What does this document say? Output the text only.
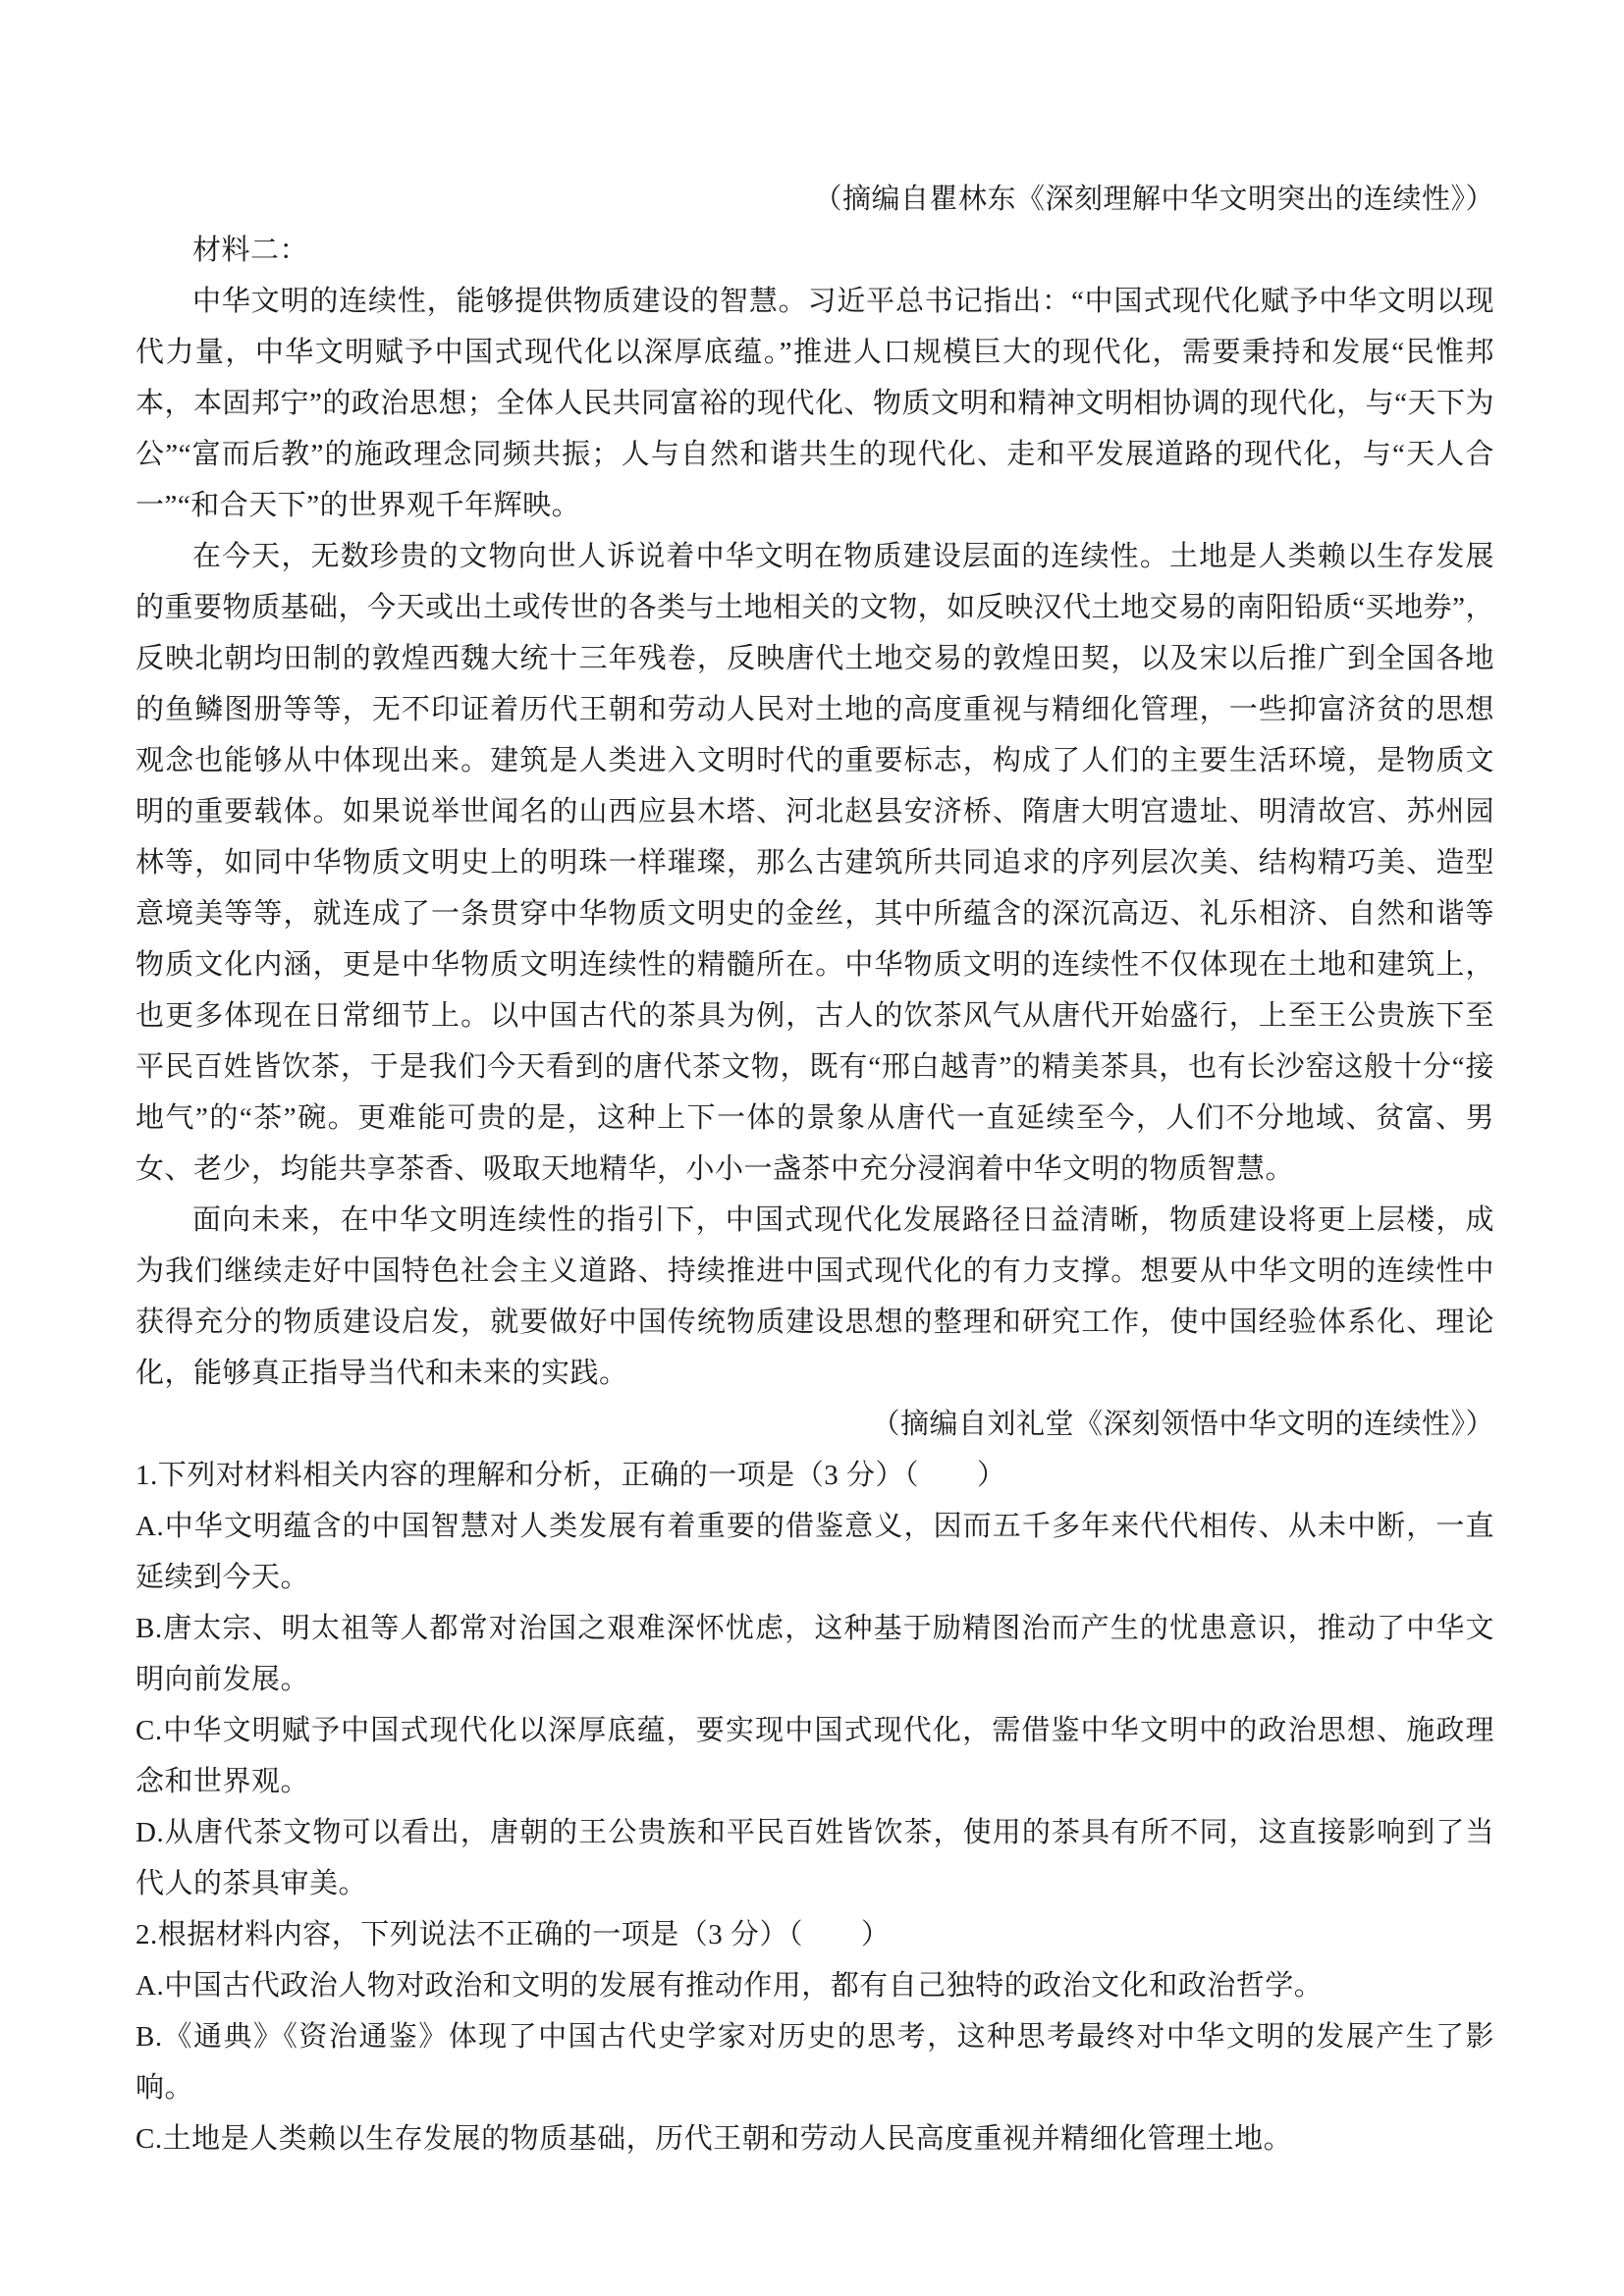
（摘编自瞿林东《深刻理解中华文明突出的连续性》）

材料二：

中华文明的连续性，能够提供物质建设的智慧。习近平总书记指出：“中国式现代化赋予中华文明以现代力量，中华文明赋予中国式现代化以深厚底蕴。”推进人口规模巨大的现代化，需要秉持和发展“民惟邦本，本固邦宁”的政治思想；全体人民共同富裕的现代化、物质文明和精神文明相协调的现代化，与“天下为公”“富而后教”的施政理念同频共振；人与自然和谐共生的现代化、走和平发展道路的现代化，与“天人合一”“和合天下”的世界观千年辉映。

在今天，无数珍贵的文物向世人诉说着中华文明在物质建设层面的连续性。土地是人类赖以生存发展的重要物质基础，今天或出土或传世的各类与土地相关的文物，如反映汉代土地交易的南阳铅质“买地券”，反映北朝均田制的敦煌西魏大统十三年残卷，反映唐代土地交易的敦煌田契，以及宋以后推广到全国各地的鱼鳞图册等等，无不印证着历代王朝和劳动人民对土地的高度重视与精细化管理，一些抑富济贫的思想观念也能够从中体现出来。建筑是人类进入文明时代的重要标志，构成了人们的主要生活环境，是物质文明的重要载体。如果说举世闻名的山西应县木塔、河北赵县安济桥、隋唐大明宫遗址、明清故宫、苏州园林等，如同中华物质文明史上的明珠一样璀璨，那么古建筑所共同追求的序列层次美、结构精巧美、造型意境美等等，就连成了一条贯穿中华物质文明史的金丝，其中所蕴含的深沉高迈、礼乐相济、自然和谐等物质文化内涵，更是中华物质文明连续性的精髓所在。中华物质文明的连续性不仅体现在土地和建筑上，也更多体现在日常细节上。以中国古代的茶具为例，古人的饮茶风气从唐代开始盛行，上至王公贵族下至平民百姓皆饮茶，于是我们今天看到的唐代茶文物，既有“邢白越青”的精美茶具，也有长沙窑这般十分“接地气”的“茶”碗。更难能可贵的是，这种上下一体的景象从唐代一直延续至今，人们不分地域、贫富、男女、老少，均能共享茶香、吸取天地精华，小小一盏茶中充分浸润着中华文明的物质智慧。

面向未来，在中华文明连续性的指引下，中国式现代化发展路径日益清晰，物质建设将更上层楼，成为我们继续走好中国特色社会主义道路、持续推进中国式现代化的有力支撑。想要从中华文明的连续性中获得充分的物质建设启发，就要做好中国传统物质建设思想的整理和研究工作，使中国经验体系化、理论化，能够真正指导当代和未来的实践。

（摘编自刘礼堂《深刻领悟中华文明的连续性》）

1.下列对材料相关内容的理解和分析，正确的一项是（3 分）（　　）

A.中华文明蕴含的中国智慧对人类发展有着重要的借鉴意义，因而五千多年来代代相传、从未中断，一直延续到今天。

B.唐太宗、明太祖等人都常对治国之艰难深怀忧虑，这种基于励精图治而产生的忧患意识，推动了中华文明向前发展。

C.中华文明赋予中国式现代化以深厚底蕴，要实现中国式现代化，需借鉴中华文明中的政治思想、施政理念和世界观。

D.从唐代茶文物可以看出，唐朝的王公贵族和平民百姓皆饮茶，使用的茶具有所不同，这直接影响到了当代人的茶具审美。

2.根据材料内容，下列说法不正确的一项是（3 分）（　　）

A.中国古代政治人物对政治和文明的发展有推动作用，都有自己独特的政治文化和政治哲学。

B.《通典》《资治通鉴》体现了中国古代史学家对历史的思考，这种思考最终对中华文明的发展产生了影响。

C.土地是人类赖以生存发展的物质基础，历代王朝和劳动人民高度重视并精细化管理土地。
